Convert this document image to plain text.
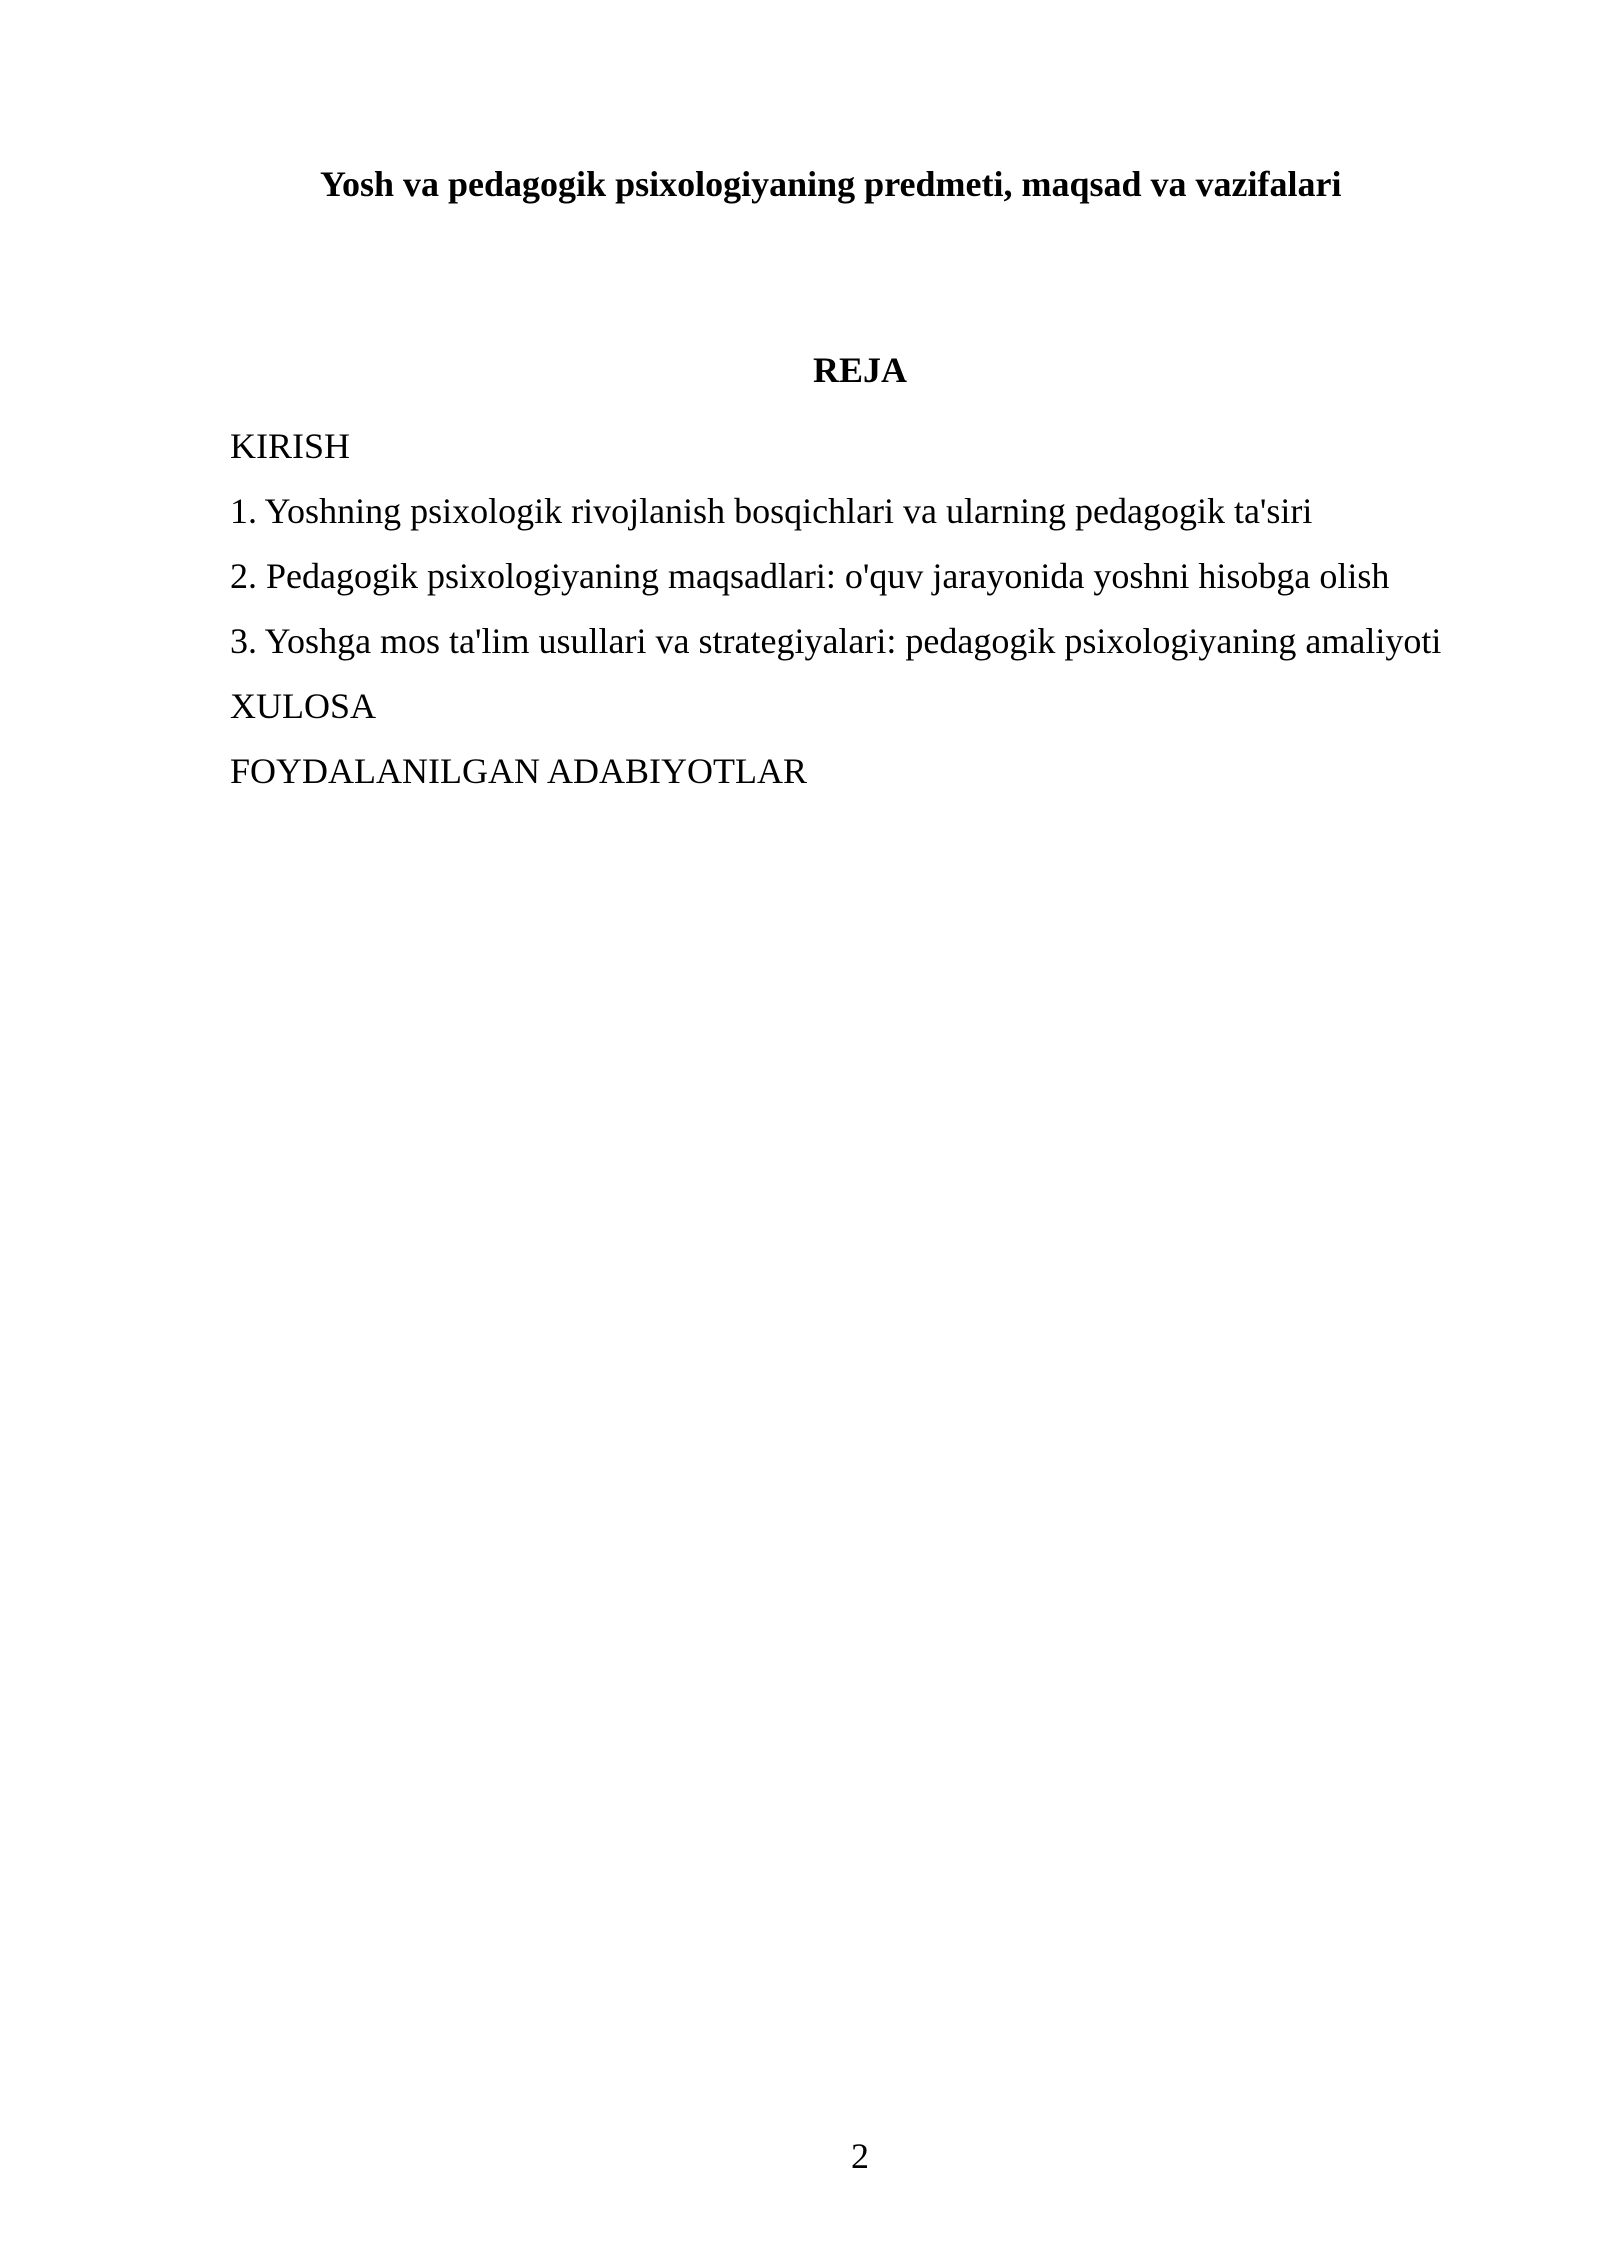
Yosh va pedagogik psixologiyaning predmeti, maqsad va vazifalari
REJA
KIRISH
1. Yoshning psixologik rivojlanish bosqichlari va ularning pedagogik ta'siri
2. Pedagogik psixologiyaning maqsadlari: o'quv jarayonida yoshni hisobga olish
3. Yoshga mos ta'lim usullari va strategiyalari: pedagogik psixologiyaning amaliyoti
XULOSA
FOYDALANILGAN ADABIYOTLAR

2
